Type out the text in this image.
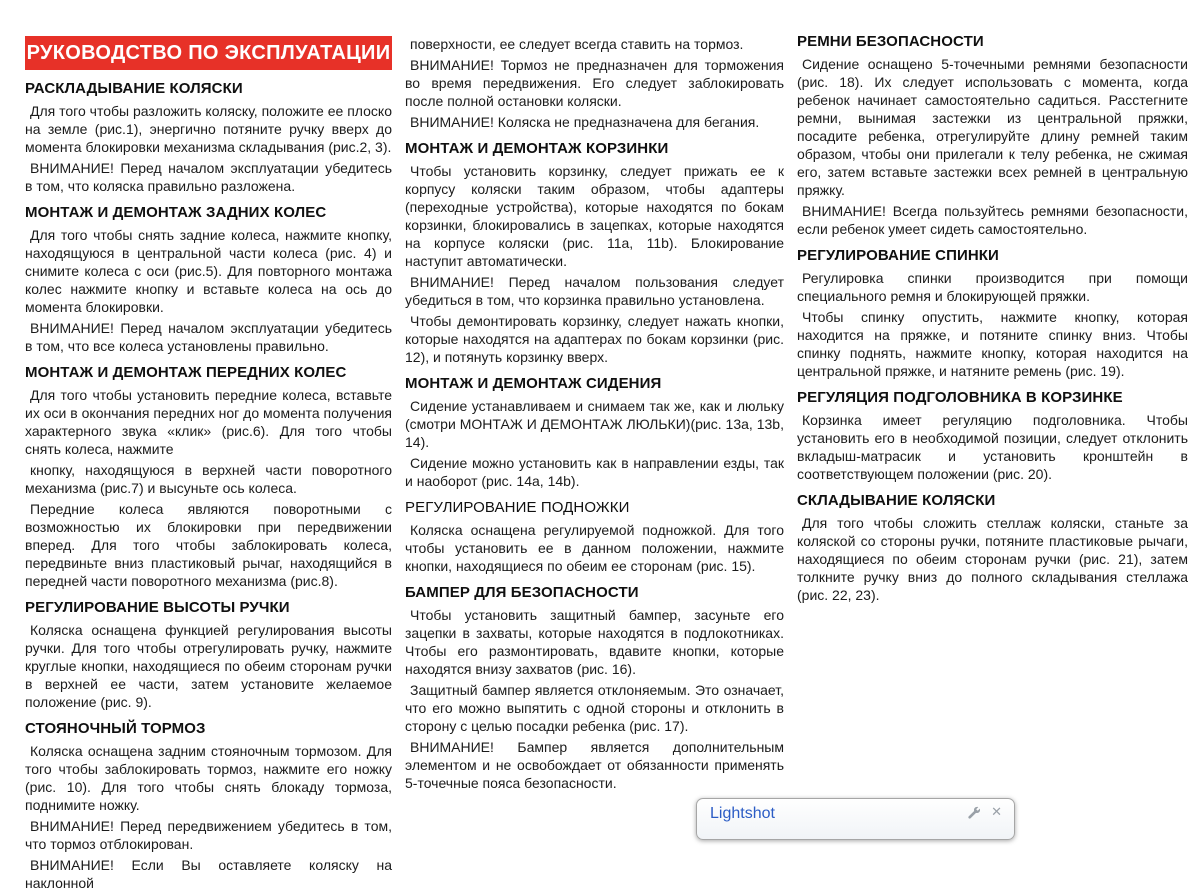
РУКОВОДСТВО ПО ЭКСПЛУАТАЦИИ
РАСКЛАДЫВАНИЕ КОЛЯСКИ

Для того чтобы разложить коляску, положите ее плоско на земле (рис.1), энергично потяните ручку вверх до момента блокировки механизма складывания (рис.2, 3).

ВНИМАНИЕ! Перед началом эксплуатации убедитесь в том, что коляска правильно разложена.

МОНТАЖ И ДЕМОНТАЖ ЗАДНИХ КОЛЕС

Для того чтобы снять задние колеса, нажмите кнопку, находящуюся в центральной части колеса (рис. 4) и снимите колеса с оси (рис.5). Для повторного монтажа колес нажмите кнопку и вставьте колеса на ось до момента блокировки.

ВНИМАНИЕ! Перед началом эксплуатации убедитесь в том, что все колеса установлены правильно.

МОНТАЖ И ДЕМОНТАЖ ПЕРЕДНИХ КОЛЕС

Для того чтобы установить передние колеса, вставьте их оси в окончания передних ног до момента получения характерного звука «клик» (рис.6). Для того чтобы снять колеса, нажмите

кнопку, находящуюся в верхней части поворотного механизма (рис.7) и высуньте ось колеса.

Передние колеса являются поворотными с возможностью их блокировки при передвижении вперед. Для того чтобы заблокировать колеса, передвиньте вниз пластиковый рычаг, находящийся в передней части поворотного механизма (рис.8).

РЕГУЛИРОВАНИЕ ВЫСОТЫ РУЧКИ

Коляска оснащена функцией регулирования высоты ручки. Для того чтобы отрегулировать ручку, нажмите круглые кнопки, находящиеся по обеим сторонам ручки в верхней ее части, затем установите желаемое положение (рис. 9).

СТОЯНОЧНЫЙ ТОРМОЗ

Коляска оснащена задним стояночным тормозом. Для того чтобы заблокировать тормоз, нажмите его ножку (рис. 10). Для того чтобы снять блокаду тормоза, поднимите ножку.

ВНИМАНИЕ! Перед передвижением убедитесь в том, что тормоз отблокирован.

ВНИМАНИЕ! Если Вы оставляете коляску на наклонной

поверхности, ее следует всегда ставить на тормоз.

ВНИМАНИЕ! Тормоз не предназначен для торможения во время передвижения. Его следует заблокировать после полной остановки коляски.

ВНИМАНИЕ! Коляска не предназначена для бегания.

МОНТАЖ И ДЕМОНТАЖ КОРЗИНКИ

Чтобы установить корзинку, следует прижать ее к корпусу коляски таким образом, чтобы адаптеры (переходные устройства), которые находятся по бокам корзинки, блокировались в зацепках, которые находятся на корпусе коляски (рис. 11a, 11b). Блокирование наступит автоматически.

ВНИМАНИЕ! Перед началом пользования следует убедиться в том, что корзинка правильно установлена.

Чтобы демонтировать корзинку, следует нажать кнопки, которые находятся на адаптерах по бокам корзинки (рис. 12), и потянуть корзинку вверх.

МОНТАЖ И ДЕМОНТАЖ СИДЕНИЯ

Сидение устанавливаем и снимаем так же, как и люльку (смотри МОНТАЖ И ДЕМОНТАЖ ЛЮЛЬКИ)(рис. 13a, 13b, 14).

Сидение можно установить как в направлении езды, так и наоборот (рис. 14a, 14b).

РЕГУЛИРОВАНИЕ ПОДНОЖКИ

Коляска оснащена регулируемой подножкой. Для того чтобы установить ее в данном положении, нажмите кнопки, находящиеся по обеим ее сторонам (рис. 15).

БАМПЕР ДЛЯ БЕЗОПАСНОСТИ

Чтобы установить защитный бампер, засуньте его зацепки в захваты, которые находятся в подлокотниках. Чтобы его размонтировать, вдавите кнопки, которые находятся внизу захватов (рис. 16).

Защитный бампер является отклоняемым. Это означает, что его можно выпятить с одной стороны и отклонить в сторону с целью посадки ребенка (рис. 17).

ВНИМАНИЕ! Бампер является дополнительным элементом и не освобождает от обязанности применять 5-точечные пояса безопасности.

РЕМНИ БЕЗОПАСНОСТИ

Сидение оснащено 5-точечными ремнями безопасности (рис. 18). Их следует использовать с момента, когда ребенок начинает самостоятельно садиться. Расстегните ремни, вынимая застежки из центральной пряжки, посадите ребенка, отрегулируйте длину ремней таким образом, чтобы они прилегали к телу ребенка, не сжимая его, затем вставьте застежки всех ремней в центральную пряжку.

ВНИМАНИЕ! Всегда пользуйтесь ремнями безопасности, если ребенок умеет сидеть самостоятельно.

РЕГУЛИРОВАНИЕ СПИНКИ

Регулировка спинки производится при помощи специального ремня и блокирующей пряжки.

Чтобы спинку опустить, нажмите кнопку, которая находится на пряжке, и потяните спинку вниз. Чтобы спинку поднять, нажмите кнопку, которая находится на центральной пряжке, и натяните ремень (рис. 19).

РЕГУЛЯЦИЯ ПОДГОЛОВНИКА В КОРЗИНКЕ

Корзинка имеет регуляцию подголовника. Чтобы установить его в необходимой позиции, следует отклонить вкладыш-матрасик и установить кронштейн в соответствующем положении (рис. 20).

СКЛАДЫВАНИЕ КОЛЯСКИ

Для того чтобы сложить стеллаж коляски, станьте за коляской со стороны ручки, потяните пластиковые рычаги, находящиеся по обеим сторонам ручки (рис. 21), затем толкните ручку вниз до полного складывания стеллажа (рис. 22, 23).

Lightshot	✕
